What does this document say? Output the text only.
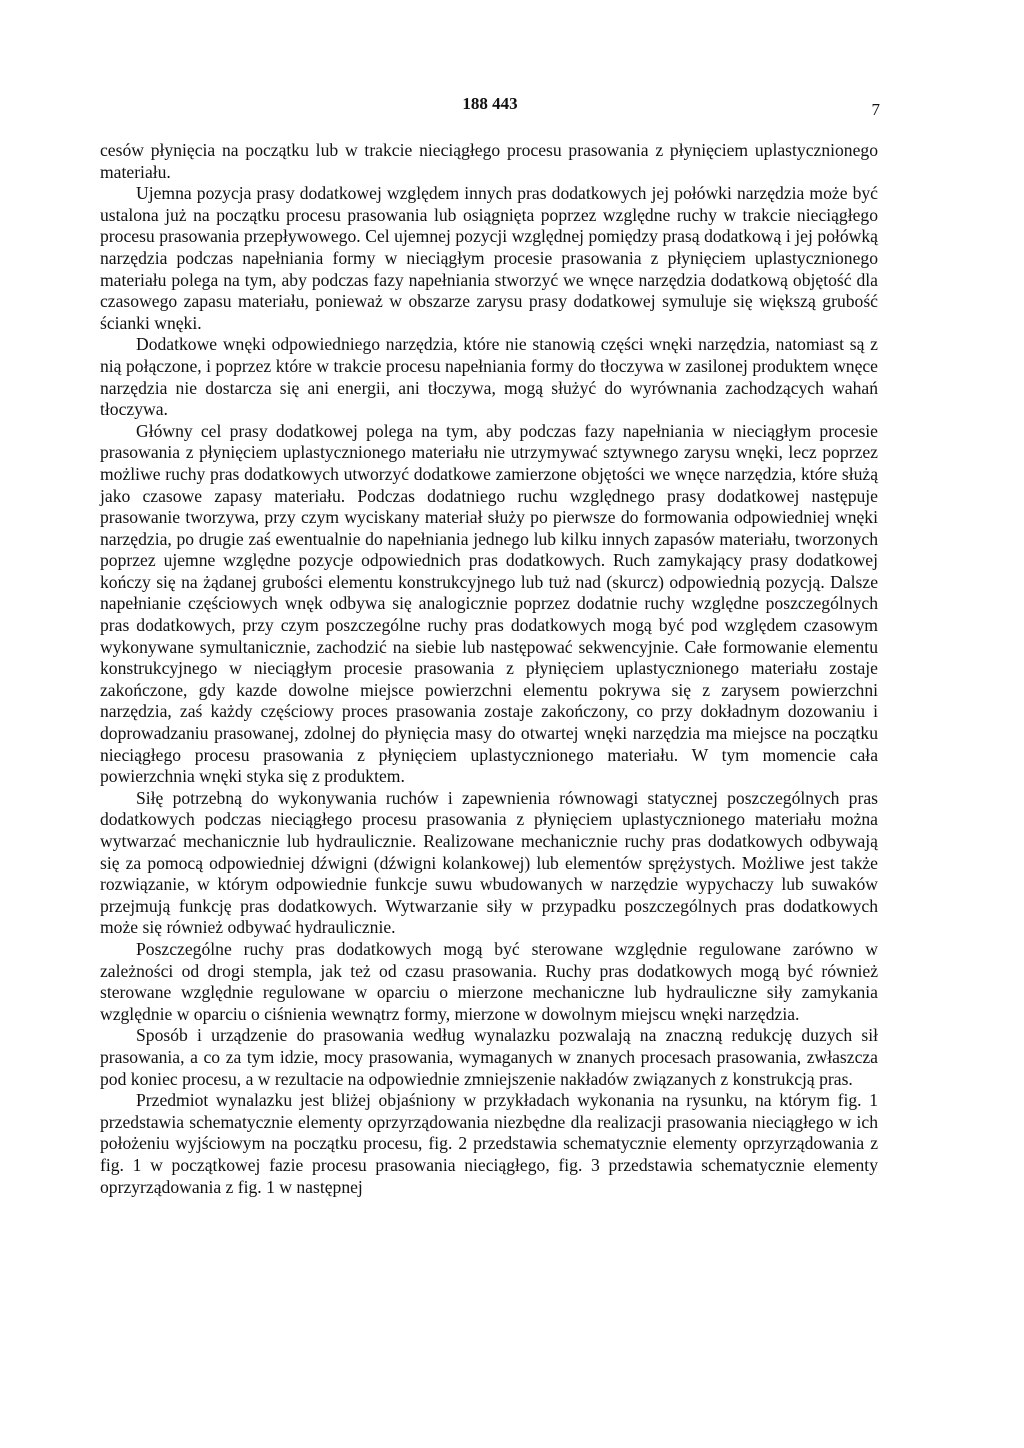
188 443	7

cesów płynięcia na początku lub w trakcie nieciągłego procesu prasowania z płynięciem uplastycznionego materiału.

Ujemna pozycja prasy dodatkowej względem innych pras dodatkowych jej połówki narzędzia może być ustalona już na początku procesu prasowania lub osiągnięta poprzez względne ruchy w trakcie nieciągłego procesu prasowania przepływowego. Cel ujemnej pozycji względnej pomiędzy prasą dodatkową i jej połówką narzędzia podczas napełniania formy w nieciągłym procesie prasowania z płynięciem uplastycznionego materiału polega na tym, aby podczas fazy napełniania stworzyć we wnęce narzędzia dodatkową objętość dla czasowego zapasu materiału, ponieważ w obszarze zarysu prasy dodatkowej symuluje się większą grubość ścianki wnęki.

Dodatkowe wnęki odpowiedniego narzędzia, które nie stanowią części wnęki narzędzia, natomiast są z nią połączone, i poprzez które w trakcie procesu napełniania formy do tłoczywa w zasilonej produktem wnęce narzędzia nie dostarcza się ani energii, ani tłoczywa, mogą służyć do wyrównania zachodzących wahań tłoczywa.

Główny cel prasy dodatkowej polega na tym, aby podczas fazy napełniania w nieciągłym procesie prasowania z płynięciem uplastycznionego materiału nie utrzymywać sztywnego zarysu wnęki, lecz poprzez możliwe ruchy pras dodatkowych utworzyć dodatkowe zamierzone objętości we wnęce narzędzia, które służą jako czasowe zapasy materiału. Podczas dodatniego ruchu względnego prasy dodatkowej następuje prasowanie tworzywa, przy czym wyciskany materiał służy po pierwsze do formowania odpowiedniej wnęki narzędzia, po drugie zaś ewentualnie do napełniania jednego lub kilku innych zapasów materiału, tworzonych poprzez ujemne względne pozycje odpowiednich pras dodatkowych. Ruch zamykający prasy dodatkowej kończy się na żądanej grubości elementu konstrukcyjnego lub tuż nad (skurcz) odpowiednią pozycją. Dalsze napełnianie częściowych wnęk odbywa się analogicznie poprzez dodatnie ruchy względne poszczególnych pras dodatkowych, przy czym poszczególne ruchy pras dodatkowych mogą być pod względem czasowym wykonywane symultanicznie, zachodzić na siebie lub następować sekwencyjnie. Całe formowanie elementu konstrukcyjnego w nieciągłym procesie prasowania z płynięciem uplastycznionego materiału zostaje zakończone, gdy kazde dowolne miejsce powierzchni elementu pokrywa się z zarysem powierzchni narzędzia, zaś każdy częściowy proces prasowania zostaje zakończony, co przy dokładnym dozowaniu i doprowadzaniu prasowanej, zdolnej do płynięcia masy do otwartej wnęki narzędzia ma miejsce na początku nieciągłego procesu prasowania z płynięciem uplastycznionego materiału. W tym momencie cała powierzchnia wnęki styka się z produktem.

Siłę potrzebną do wykonywania ruchów i zapewnienia równowagi statycznej poszczególnych pras dodatkowych podczas nieciągłego procesu prasowania z płynięciem uplastycznionego materiału można wytwarzać mechanicznie lub hydraulicznie. Realizowane mechanicznie ruchy pras dodatkowych odbywają się za pomocą odpowiedniej dźwigni (dźwigni kolankowej) lub elementów sprężystych. Możliwe jest także rozwiązanie, w którym odpowiednie funkcje suwu wbudowanych w narzędzie wypychaczy lub suwaków przejmują funkcję pras dodatkowych. Wytwarzanie siły w przypadku poszczególnych pras dodatkowych może się również odbywać hydraulicznie.

Poszczególne ruchy pras dodatkowych mogą być sterowane względnie regulowane zarówno w zależności od drogi stempla, jak też od czasu prasowania. Ruchy pras dodatkowych mogą być również sterowane względnie regulowane w oparciu o mierzone mechaniczne lub hydrauliczne siły zamykania względnie w oparciu o ciśnienia wewnątrz formy, mierzone w dowolnym miejscu wnęki narzędzia.

Sposób i urządzenie do prasowania według wynalazku pozwalają na znaczną redukcję duzych sił prasowania, a co za tym idzie, mocy prasowania, wymaganych w znanych procesach prasowania, zwłaszcza pod koniec procesu, a w rezultacie na odpowiednie zmniejszenie nakładów związanych z konstrukcją pras.

Przedmiot wynalazku jest bliżej objaśniony w przykładach wykonania na rysunku, na którym fig. 1 przedstawia schematycznie elementy oprzyrządowania niezbędne dla realizacji prasowania nieciągłego w ich położeniu wyjściowym na początku procesu, fig. 2 przedstawia schematycznie elementy oprzyrządowania z fig. 1 w początkowej fazie procesu prasowania nieciągłego, fig. 3 przedstawia schematycznie elementy oprzyrządowania z fig. 1 w następnej
